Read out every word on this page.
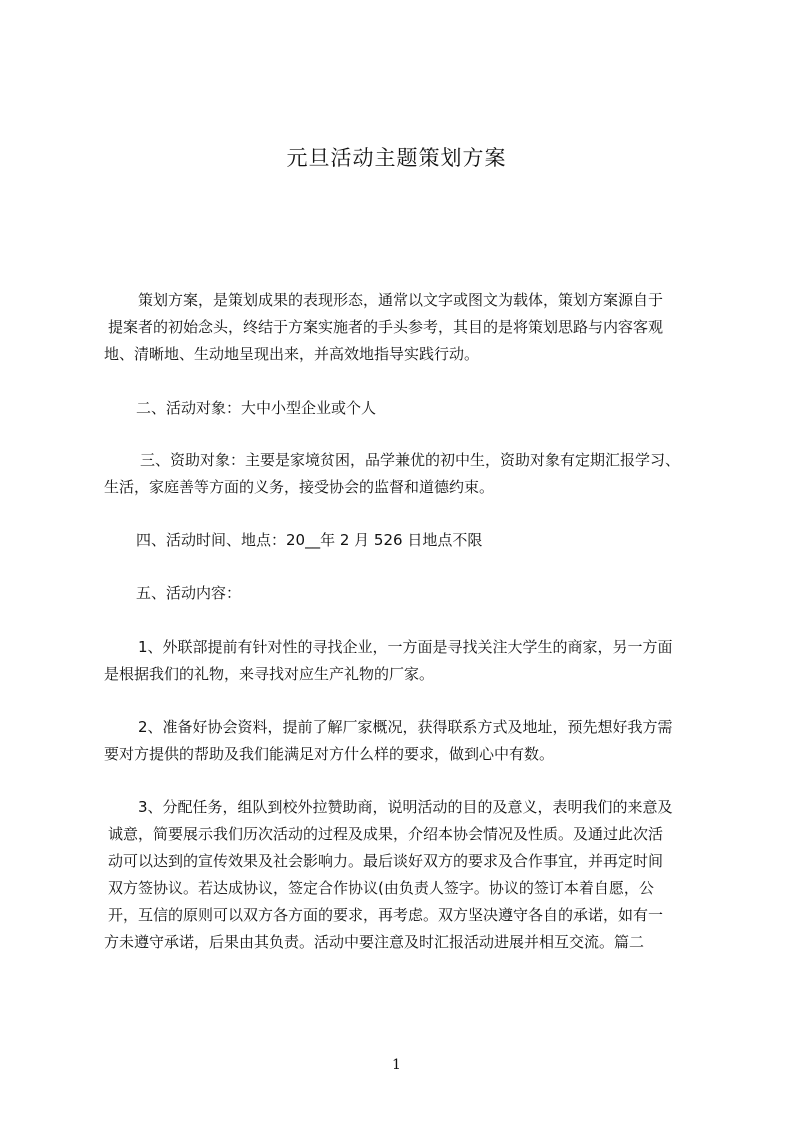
元旦活动主题策划方案
策划方案，是策划成果的表现形态，通常以文字或图文为载体，策划方案源自于
提案者的初始念头，终结于方案实施者的手头参考，其目的是将策划思路与内容客观
地、清晰地、生动地呈现出来，并高效地指导实践行动。
二、活动对象：大中小型企业或个人
三、资助对象：主要是家境贫困，品学兼优的初中生，资助对象有定期汇报学习、
生活，家庭善等方面的义务，接受协会的监督和道德约束。
四、活动时间、地点：20__年 2 月 526 日地点不限
五、活动内容：
1、外联部提前有针对性的寻找企业，一方面是寻找关注大学生的商家，另一方面
是根据我们的礼物，来寻找对应生产礼物的厂家。
2、准备好协会资料，提前了解厂家概况，获得联系方式及地址，预先想好我方需
要对方提供的帮助及我们能满足对方什么样的要求，做到心中有数。
3、分配任务，组队到校外拉赞助商，说明活动的目的及意义，表明我们的来意及
诚意，简要展示我们历次活动的过程及成果，介绍本协会情况及性质。及通过此次活
动可以达到的宣传效果及社会影响力。最后谈好双方的要求及合作事宜，并再定时间
双方签协议。若达成协议，签定合作协议(由负责人签字。协议的签订本着自愿，公
开，互信的原则可以双方各方面的要求，再考虑。双方坚决遵守各自的承诺，如有一
方未遵守承诺，后果由其负责。活动中要注意及时汇报活动进展并相互交流。篇二
1
